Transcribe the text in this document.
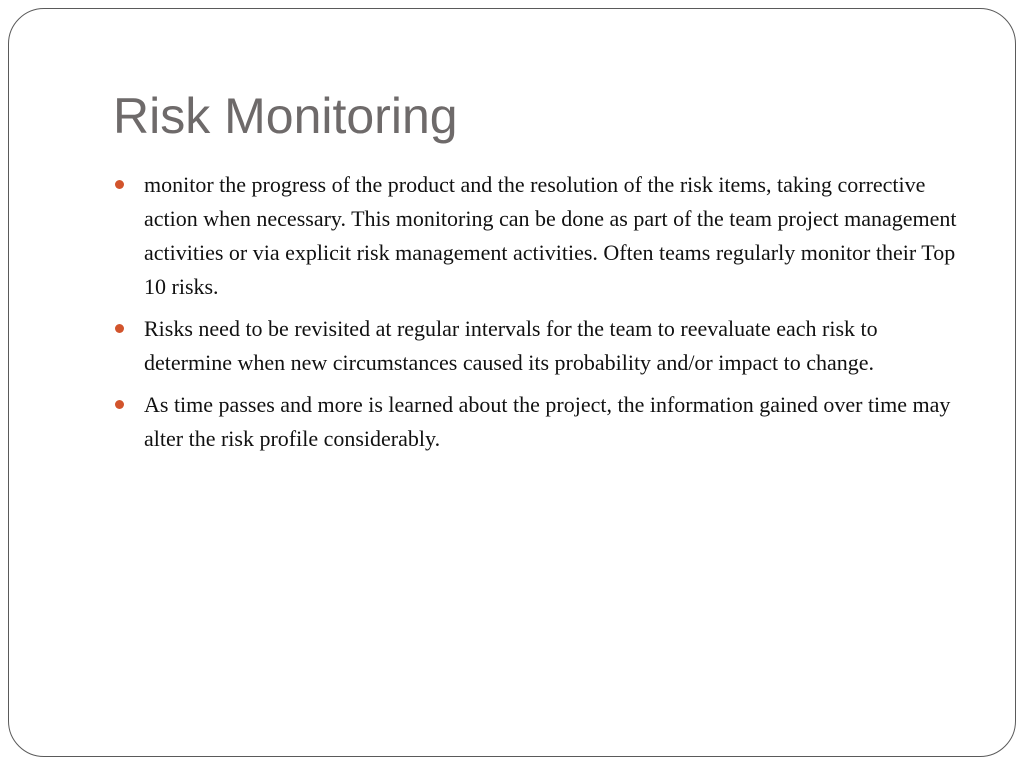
Risk Monitoring
monitor the progress of the product and the resolution of the risk items, taking corrective action when necessary. This monitoring can be done as part of the team project management activities or via explicit risk management activities. Often teams regularly monitor their Top 10 risks.
Risks need to be revisited at regular intervals for the team to reevaluate each risk to determine when new circumstances caused its probability and/or impact to change.
As time passes and more is learned about the project, the information gained over time may alter the risk profile considerably.
